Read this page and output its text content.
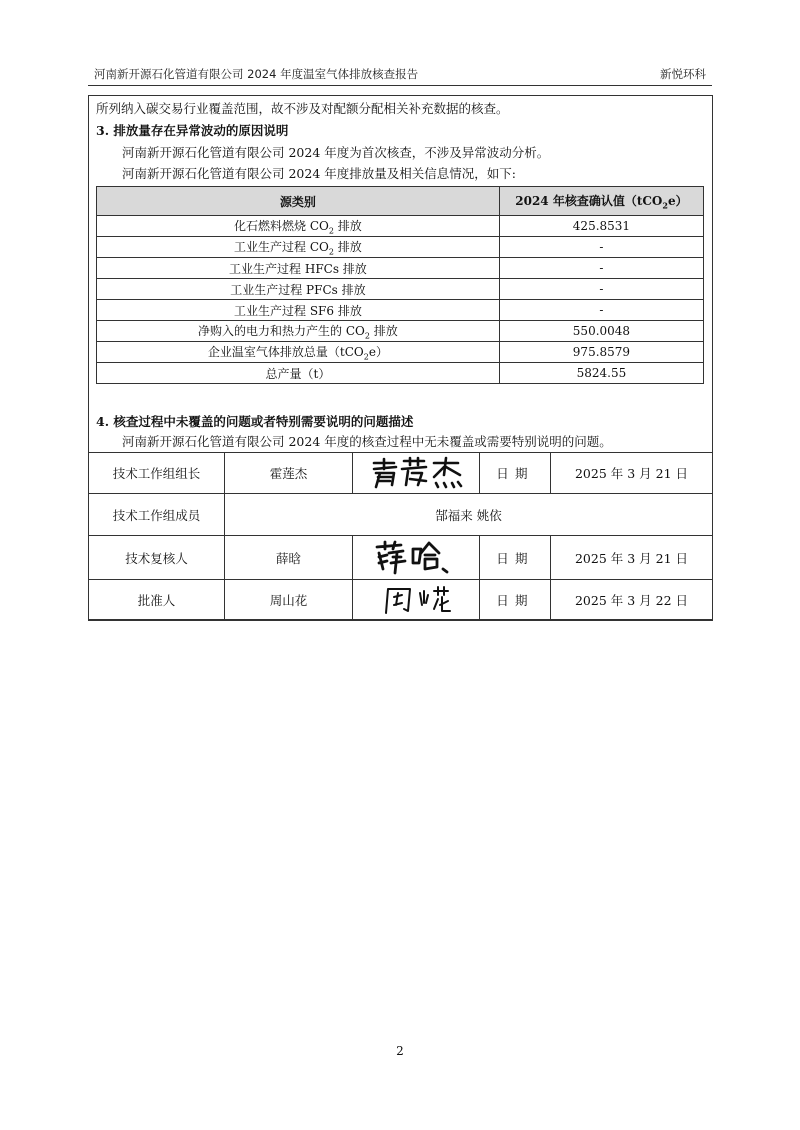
河南新开源石化管道有限公司 2024 年度温室气体排放核查报告	新悦环科
所列纳入碳交易行业覆盖范围，故不涉及对配额分配相关补充数据的核查。
3. 排放量存在异常波动的原因说明
河南新开源石化管道有限公司 2024 年度为首次核查，不涉及异常波动分析。
河南新开源石化管道有限公司 2024 年度排放量及相关信息情况，如下:
源类别	2024 年核查确认值（tCO$_2$e）
化石燃料燃烧 $CO_2$ 排放	425.8531
工业生产过程 $CO_2$ 排放	-
工业生产过程 HFCs 排放	-
工业生产过程 PFCs 排放	-
工业生产过程 SF6 排放	-
净购入的电力和热力产生的 $CO_2$ 排放	550.0048
企业温室气体排放总量（tCO$_2$e）	975.8579
总产量（t）	5824.55
4. 核查过程中未覆盖的问题或者特别需要说明的问题描述
河南新开源石化管道有限公司 2024 年度的核查过程中无未覆盖或需要特别说明的问题。
技术工作组组长	霍莲杰		日期	2025 年 3 月 21 日
技术工作组成员	郜福来 姚依			
技术复核人	薛晗		日期	2025 年 3 月 21 日
批准人	周山花		日期	2025 年 3 月 22 日
2
